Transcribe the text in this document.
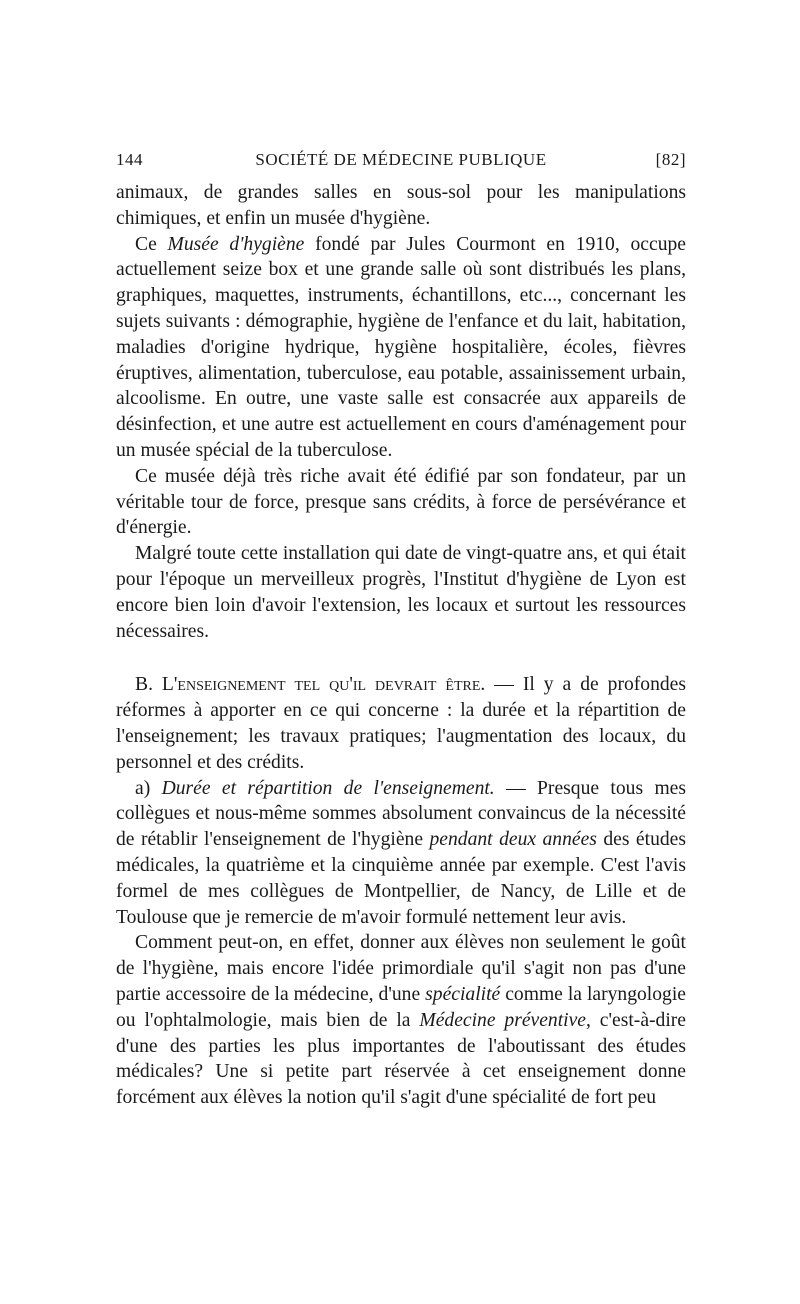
144	SOCIÉTÉ DE MÉDECINE PUBLIQUE	[82]

animaux, de grandes salles en sous-sol pour les manipulations chimiques, et enfin un musée d'hygiène.

Ce Musée d'hygiène fondé par Jules Courmont en 1910, occupe actuellement seize box et une grande salle où sont distribués les plans, graphiques, maquettes, instruments, échantillons, etc..., concernant les sujets suivants : démographie, hygiène de l'enfance et du lait, habitation, maladies d'origine hydrique, hygiène hospitalière, écoles, fièvres éruptives, alimentation, tuberculose, eau potable, assainissement urbain, alcoolisme. En outre, une vaste salle est consacrée aux appareils de désinfection, et une autre est actuellement en cours d'aménagement pour un musée spécial de la tuberculose.

Ce musée déjà très riche avait été édifié par son fondateur, par un véritable tour de force, presque sans crédits, à force de persévérance et d'énergie.

Malgré toute cette installation qui date de vingt-quatre ans, et qui était pour l'époque un merveilleux progrès, l'Institut d'hygiène de Lyon est encore bien loin d'avoir l'extension, les locaux et surtout les ressources nécessaires.

B. L'enseignement tel qu'il devrait être. — Il y a de profondes réformes à apporter en ce qui concerne : la durée et la répartition de l'enseignement; les travaux pratiques; l'augmentation des locaux, du personnel et des crédits.

a) Durée et répartition de l'enseignement. — Presque tous mes collègues et nous-même sommes absolument convaincus de la nécessité de rétablir l'enseignement de l'hygiène pendant deux années des études médicales, la quatrième et la cinquième année par exemple. C'est l'avis formel de mes collègues de Montpellier, de Nancy, de Lille et de Toulouse que je remercie de m'avoir formulé nettement leur avis.

Comment peut-on, en effet, donner aux élèves non seulement le goût de l'hygiène, mais encore l'idée primordiale qu'il s'agit non pas d'une partie accessoire de la médecine, d'une spécialité comme la laryngologie ou l'ophtalmologie, mais bien de la Médecine préventive, c'est-à-dire d'une des parties les plus importantes de l'aboutissant des études médicales? Une si petite part réservée à cet enseignement donne forcément aux élèves la notion qu'il s'agit d'une spécialité de fort peu
